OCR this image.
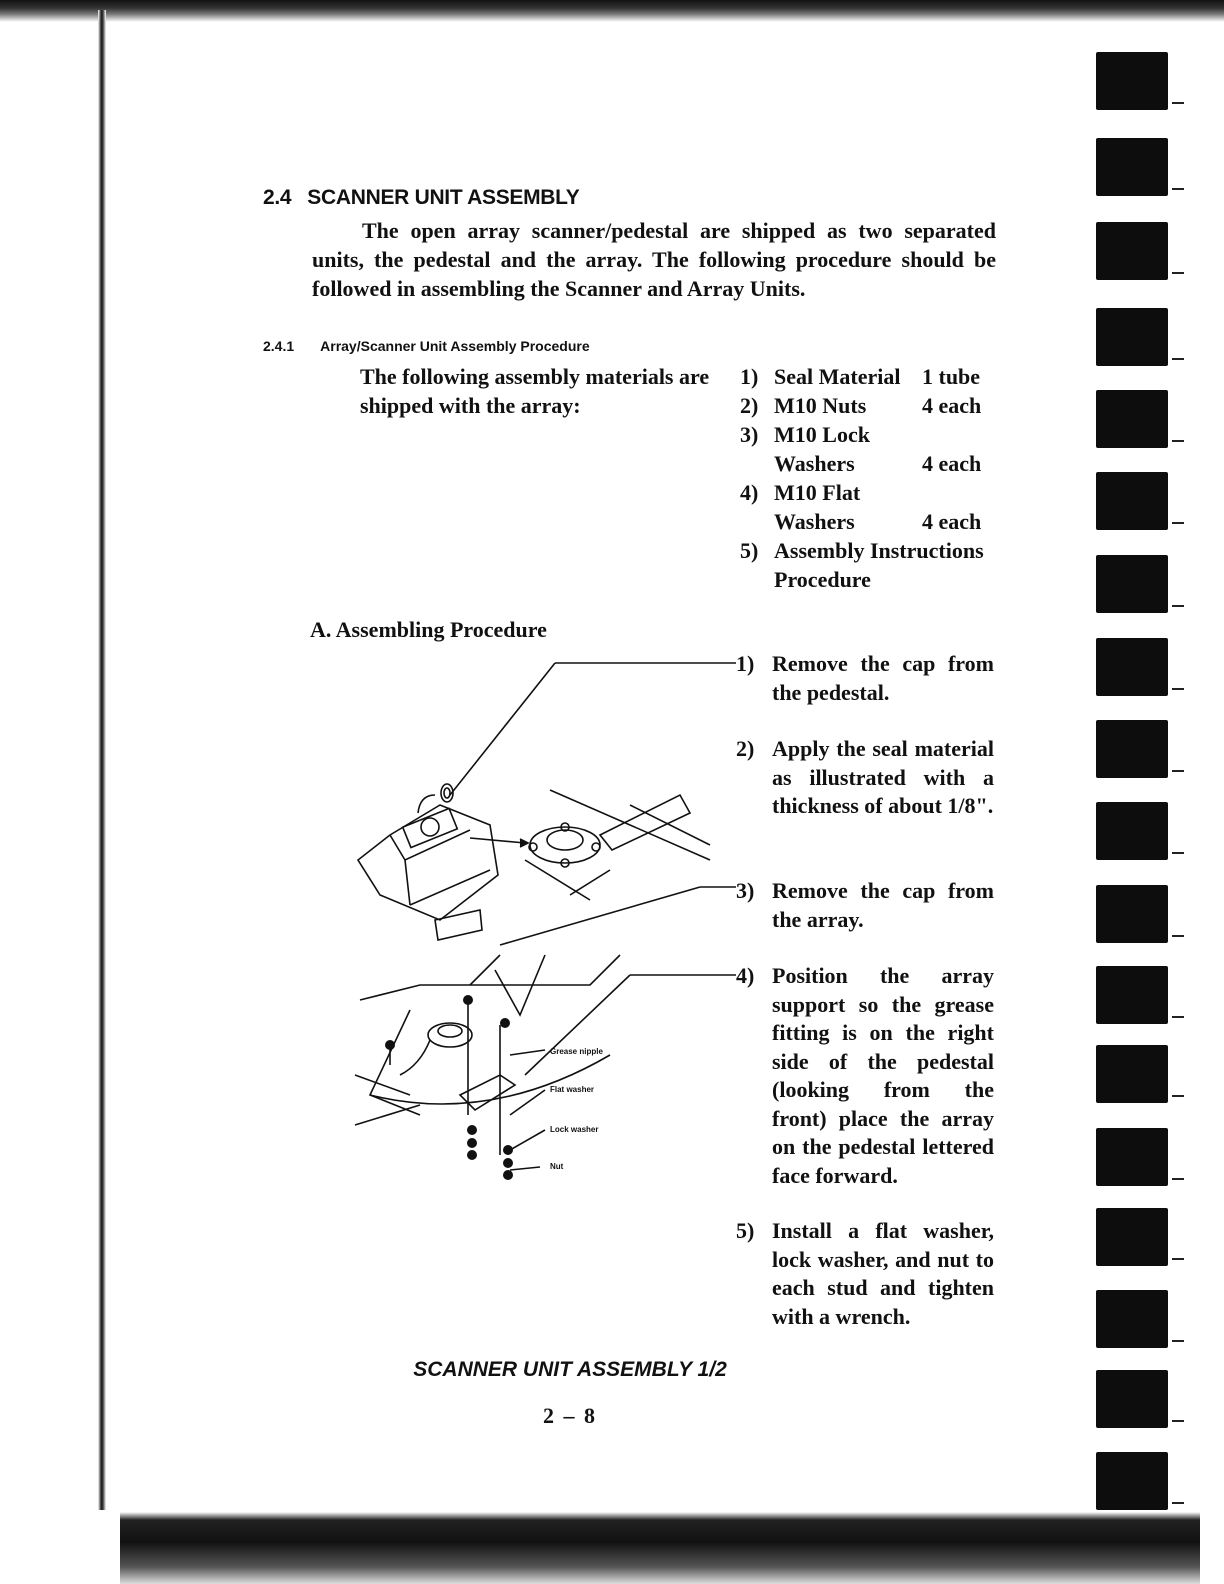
2.4 SCANNER UNIT ASSEMBLY
The open array scanner/pedestal are shipped as two separated units, the pedestal and the array. The following procedure should be followed in assembling the Scanner and Array Units.
2.4.1 Array/Scanner Unit Assembly Procedure
The following assembly materials are shipped with the array:
1) Seal Material 1 tube
2) M10 Nuts	4 each
3) M10 Lock
Washers	4 each
4) M10 Flat
Washers	4 each
5) Assembly Instructions
Procedure
A. Assembling Procedure
Grease nipple
Flat washer
Lock washer
Nut
1) Remove the cap from the pedestal.
2) Apply the seal material as illustrated with a thickness of about 1/8".
3) Remove the cap from the array.
4) Position the array support so the grease fitting is on the right side of the pedestal (looking from the front) place the array on the pedestal lettered face forward.
5) Install a flat washer, lock washer, and nut to each stud and tighten with a wrench.
SCANNER UNIT ASSEMBLY 1/2
2 – 8
